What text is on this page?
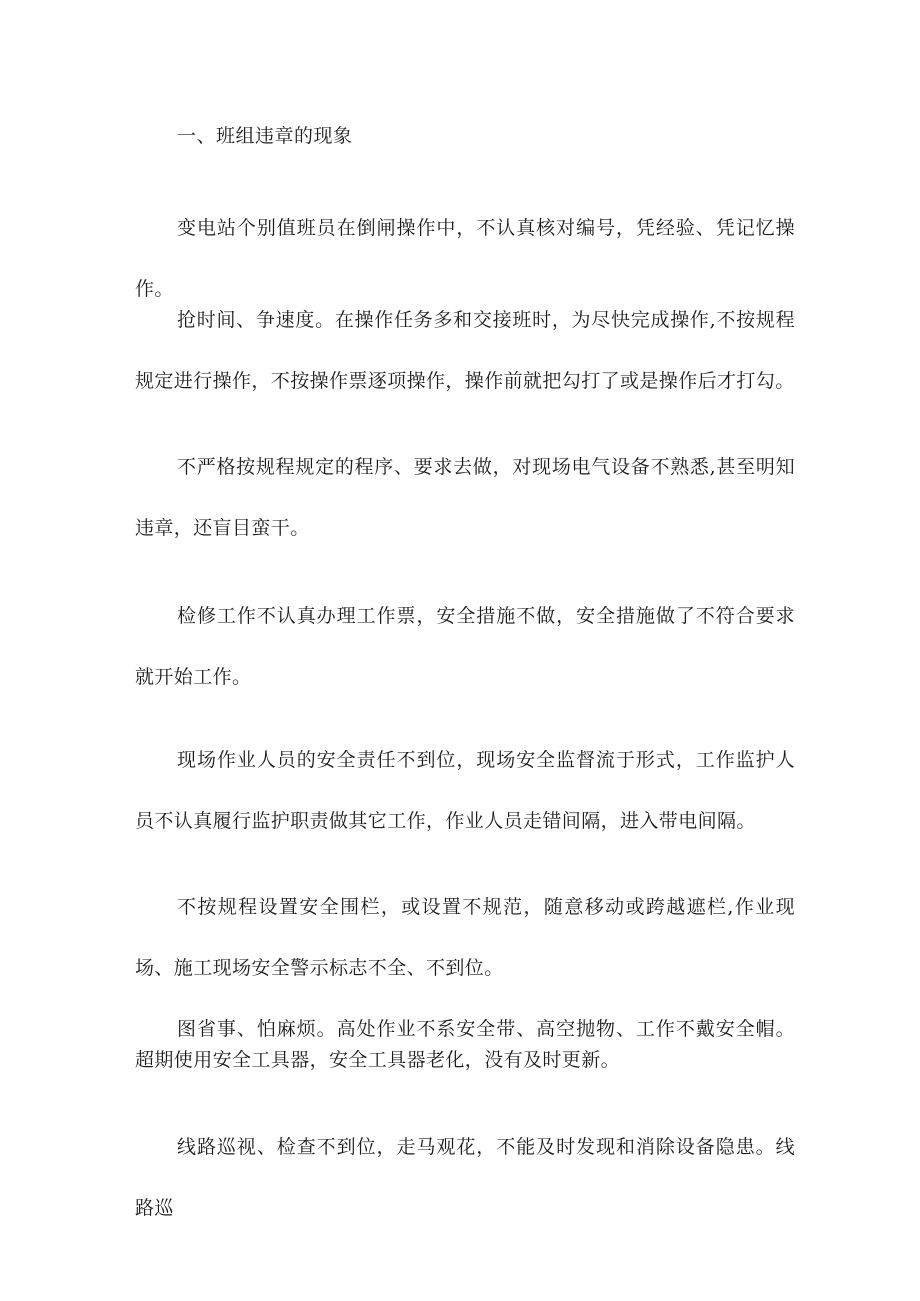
一、班组违章的现象

变电站个别值班员在倒闸操作中，不认真核对编号，凭经验、凭记忆操作。

抢时间、争速度。在操作任务多和交接班时，为尽快完成操作,不按规程规定进行操作，不按操作票逐项操作，操作前就把勾打了或是操作后才打勾。

不严格按规程规定的程序、要求去做，对现场电气设备不熟悉,甚至明知违章，还盲目蛮干。

检修工作不认真办理工作票，安全措施不做，安全措施做了不符合要求就开始工作。

现场作业人员的安全责任不到位，现场安全监督流于形式，工作监护人员不认真履行监护职责做其它工作，作业人员走错间隔，进入带电间隔。

不按规程设置安全围栏，或设置不规范，随意移动或跨越遮栏,作业现场、施工现场安全警示标志不全、不到位。

图省事、怕麻烦。高处作业不系安全带、高空抛物、工作不戴安全帽。超期使用安全工具器，安全工具器老化，没有及时更新。

线路巡视、检查不到位，走马观花，不能及时发现和消除设备隐患。线路巡
